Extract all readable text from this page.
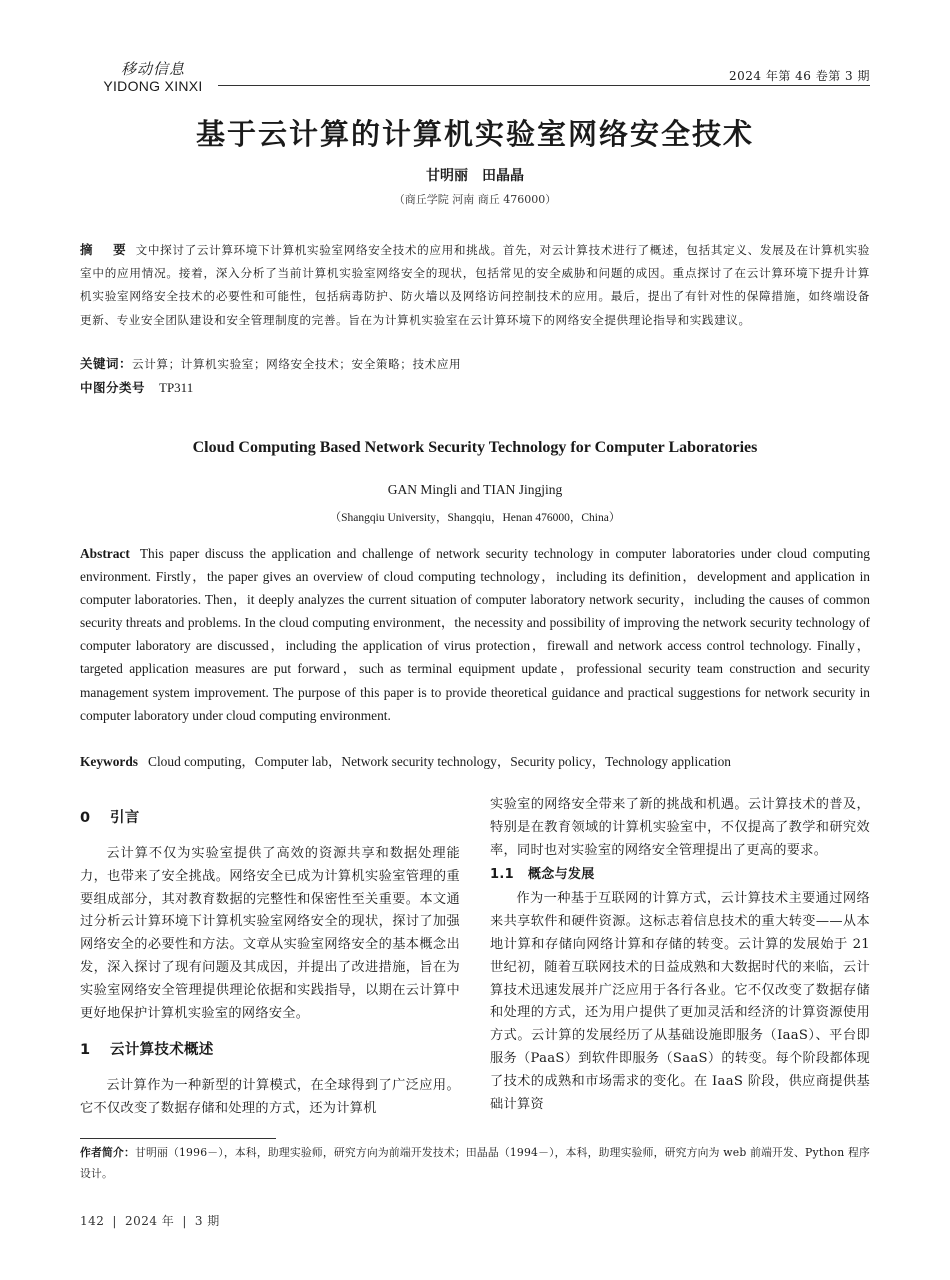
移动信息
YIDONG XINXI
2024 年第 46 卷第 3 期
基于云计算的计算机实验室网络安全技术
甘明丽　田晶晶
（商丘学院 河南 商丘 476000）
摘　要 文中探讨了云计算环境下计算机实验室网络安全技术的应用和挑战。首先，对云计算技术进行了概述，包括其定义、发展及在计算机实验室中的应用情况。接着，深入分析了当前计算机实验室网络安全的现状，包括常见的安全威胁和问题的成因。重点探讨了在云计算环境下提升计算机实验室网络安全技术的必要性和可能性，包括病毒防护、防火墙以及网络访问控制技术的应用。最后，提出了有针对性的保障措施，如终端设备更新、专业安全团队建设和安全管理制度的完善。旨在为计算机实验室在云计算环境下的网络安全提供理论指导和实践建议。
关键词：云计算；计算机实验室；网络安全技术；安全策略；技术应用
中图分类号 TP311
Cloud Computing Based Network Security Technology for Computer Laboratories
GAN Mingli and TIAN Jingjing
（Shangqiu University，Shangqiu，Henan 476000，China）
Abstract This paper discuss the application and challenge of network security technology in computer laboratories under cloud computing environment. Firstly，the paper gives an overview of cloud computing technology，including its definition，development and application in computer laboratories. Then，it deeply analyzes the current situation of computer laboratory network security，including the causes of common security threats and problems. In the cloud computing environment，the necessity and possibility of improving the network security technology of computer laboratory are discussed，including the application of virus protection，firewall and network access control technology. Finally，targeted application measures are put forward，such as terminal equipment update，professional security team construction and security management system improvement. The purpose of this paper is to provide theoretical guidance and practical suggestions for network security in computer laboratory under cloud computing environment.
Keywords Cloud computing，Computer lab，Network security technology，Security policy，Technology application
0 引言

云计算不仅为实验室提供了高效的资源共享和数据处理能力，也带来了安全挑战。网络安全已成为计算机实验室管理的重要组成部分，其对教育数据的完整性和保密性至关重要。本文通过分析云计算环境下计算机实验室网络安全的现状，探讨了加强网络安全的必要性和方法。文章从实验室网络安全的基本概念出发，深入探讨了现有问题及其成因，并提出了改进措施，旨在为实验室网络安全管理提供理论依据和实践指导，以期在云计算中更好地保护计算机实验室的网络安全。

1 云计算技术概述

云计算作为一种新型的计算模式，在全球得到了广泛应用。它不仅改变了数据存储和处理的方式，还为计算机

实验室的网络安全带来了新的挑战和机遇。云计算技术的普及，特别是在教育领域的计算机实验室中，不仅提高了教学和研究效率，同时也对实验室的网络安全管理提出了更高的要求。

1.1 概念与发展

作为一种基于互联网的计算方式，云计算技术主要通过网络来共享软件和硬件资源。这标志着信息技术的重大转变——从本地计算和存储向网络计算和存储的转变。云计算的发展始于 21 世纪初，随着互联网技术的日益成熟和大数据时代的来临，云计算技术迅速发展并广泛应用于各行各业。它不仅改变了数据存储和处理的方式，还为用户提供了更加灵活和经济的计算资源使用方式。云计算的发展经历了从基础设施即服务（IaaS）、平台即服务（PaaS）到软件即服务（SaaS）的转变。每个阶段都体现了技术的成熟和市场需求的变化。在 IaaS 阶段，供应商提供基础计算资

作者简介：甘明丽（1996－），本科，助理实验师，研究方向为前端开发技术；田晶晶（1994－），本科，助理实验师，研究方向为 web 前端开发、Python 程序设计。
142 | 2024 年 | 3 期
